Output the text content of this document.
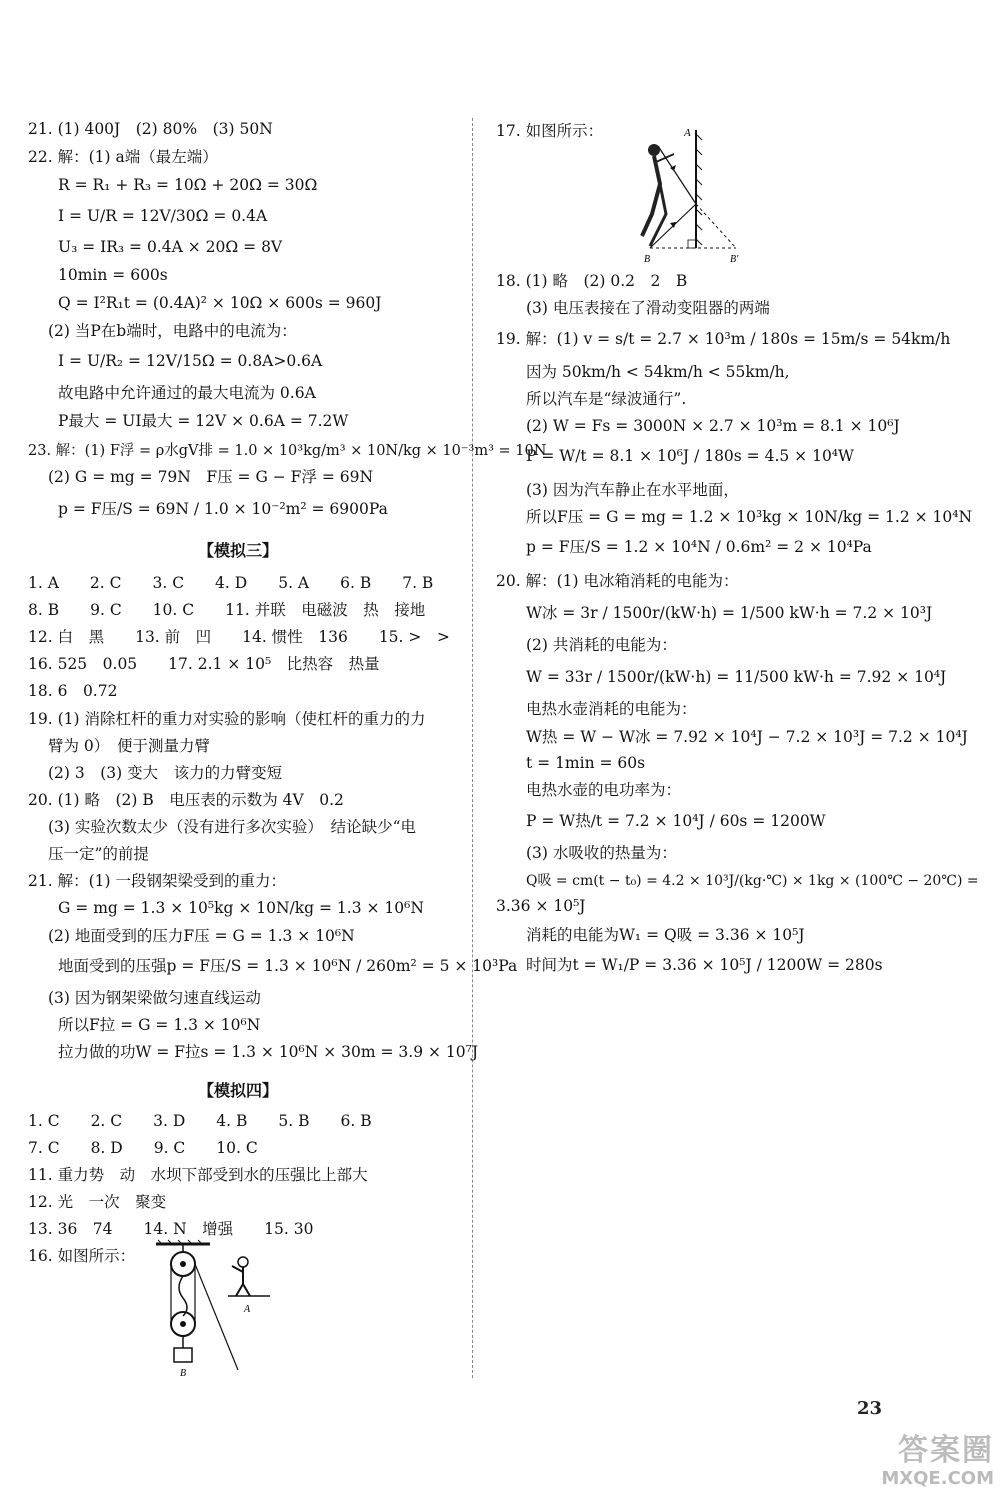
21. (1) 400J　(2) 80%　(3) 50N
22. 解：(1) a端（最左端）
R = R₁ + R₃ = 10Ω + 20Ω = 30Ω
I = U/R = 12V/30Ω = 0.4A
U₃ = IR₃ = 0.4A × 20Ω = 8V
10min = 600s
Q = I²R₁t = (0.4A)² × 10Ω × 600s = 960J
(2) 当P在b端时，电路中的电流为：
I = U/R₂ = 12V/15Ω = 0.8A>0.6A
故电路中允许通过的最大电流为 0.6A
P最大 = UI最大 = 12V × 0.6A = 7.2W
23. 解：(1) F浮 = ρ水gV排 = 1.0 × 10³kg/m³ × 10N/kg × 10⁻³m³ = 10N
(2) G = mg = 79N　F压 = G − F浮 = 69N
p = F压/S = 69N / 1.0 × 10⁻²m² = 6900Pa
【模拟三】
1. A　　2. C　　3. C　　4. D　　5. A　　6. B　　7. B
8. B　　9. C　　10. C　　11. 并联　电磁波　热　接地
12. 白　黑　　13. 前　凹　　14. 惯性　136　　15. >　>
16. 525　0.05　　17. 2.1 × 10⁵　比热容　热量
18. 6　0.72
19. (1) 消除杠杆的重力对实验的影响（使杠杆的重力的力
臂为 0）　便于测量力臂
(2) 3　(3) 变大　该力的力臂变短
20. (1) 略　(2) B　电压表的示数为 4V　0.2
(3) 实验次数太少（没有进行多次实验）　结论缺少“电
压一定”的前提
21. 解：(1) 一段钢架梁受到的重力：
G = mg = 1.3 × 10⁵kg × 10N/kg = 1.3 × 10⁶N
(2) 地面受到的压力F压 = G = 1.3 × 10⁶N
地面受到的压强p = F压/S = 1.3 × 10⁶N / 260m² = 5 × 10³Pa
(3) 因为钢架梁做匀速直线运动
所以F拉 = G = 1.3 × 10⁶N
拉力做的功W = F拉s = 1.3 × 10⁶N × 30m = 3.9 × 10⁷J
【模拟四】
1. C　　2. C　　3. D　　4. B　　5. B　　6. B
7. C　　8. D　　9. C　　10. C
11. 重力势　动　水坝下部受到水的压强比上部大
12. 光　一次　聚变
13. 36　74　　14. N　增强　　15. 30
16. 如图所示：
B
A
17. 如图所示：	A
B	B′
18. (1) 略　(2) 0.2　2　B
(3) 电压表接在了滑动变阻器的两端
19. 解：(1) v = s/t = 2.7 × 10³m / 180s = 15m/s = 54km/h
因为 50km/h < 54km/h < 55km/h,
所以汽车是“绿波通行”.
(2) W = Fs = 3000N × 2.7 × 10³m = 8.1 × 10⁶J
P = W/t = 8.1 × 10⁶J / 180s = 4.5 × 10⁴W
(3) 因为汽车静止在水平地面，
所以F压 = G = mg = 1.2 × 10³kg × 10N/kg = 1.2 × 10⁴N
p = F压/S = 1.2 × 10⁴N / 0.6m² = 2 × 10⁴Pa
20. 解：(1) 电冰箱消耗的电能为：
W冰 = 3r / 1500r/(kW·h) = 1/500 kW·h = 7.2 × 10³J
(2) 共消耗的电能为：
W = 33r / 1500r/(kW·h) = 11/500 kW·h = 7.92 × 10⁴J
电热水壶消耗的电能为：
W热 = W − W冰 = 7.92 × 10⁴J − 7.2 × 10³J = 7.2 × 10⁴J
t = 1min = 60s
电热水壶的电功率为：
P = W热/t = 7.2 × 10⁴J / 60s = 1200W
(3) 水吸收的热量为：
Q吸 = cm(t − t₀) = 4.2 × 10³J/(kg·℃) × 1kg × (100℃ − 20℃) =
3.36 × 10⁵J
消耗的电能为W₁ = Q吸 = 3.36 × 10⁵J
时间为t = W₁/P = 3.36 × 10⁵J / 1200W = 280s
23
答案圈
MXQE.COM
